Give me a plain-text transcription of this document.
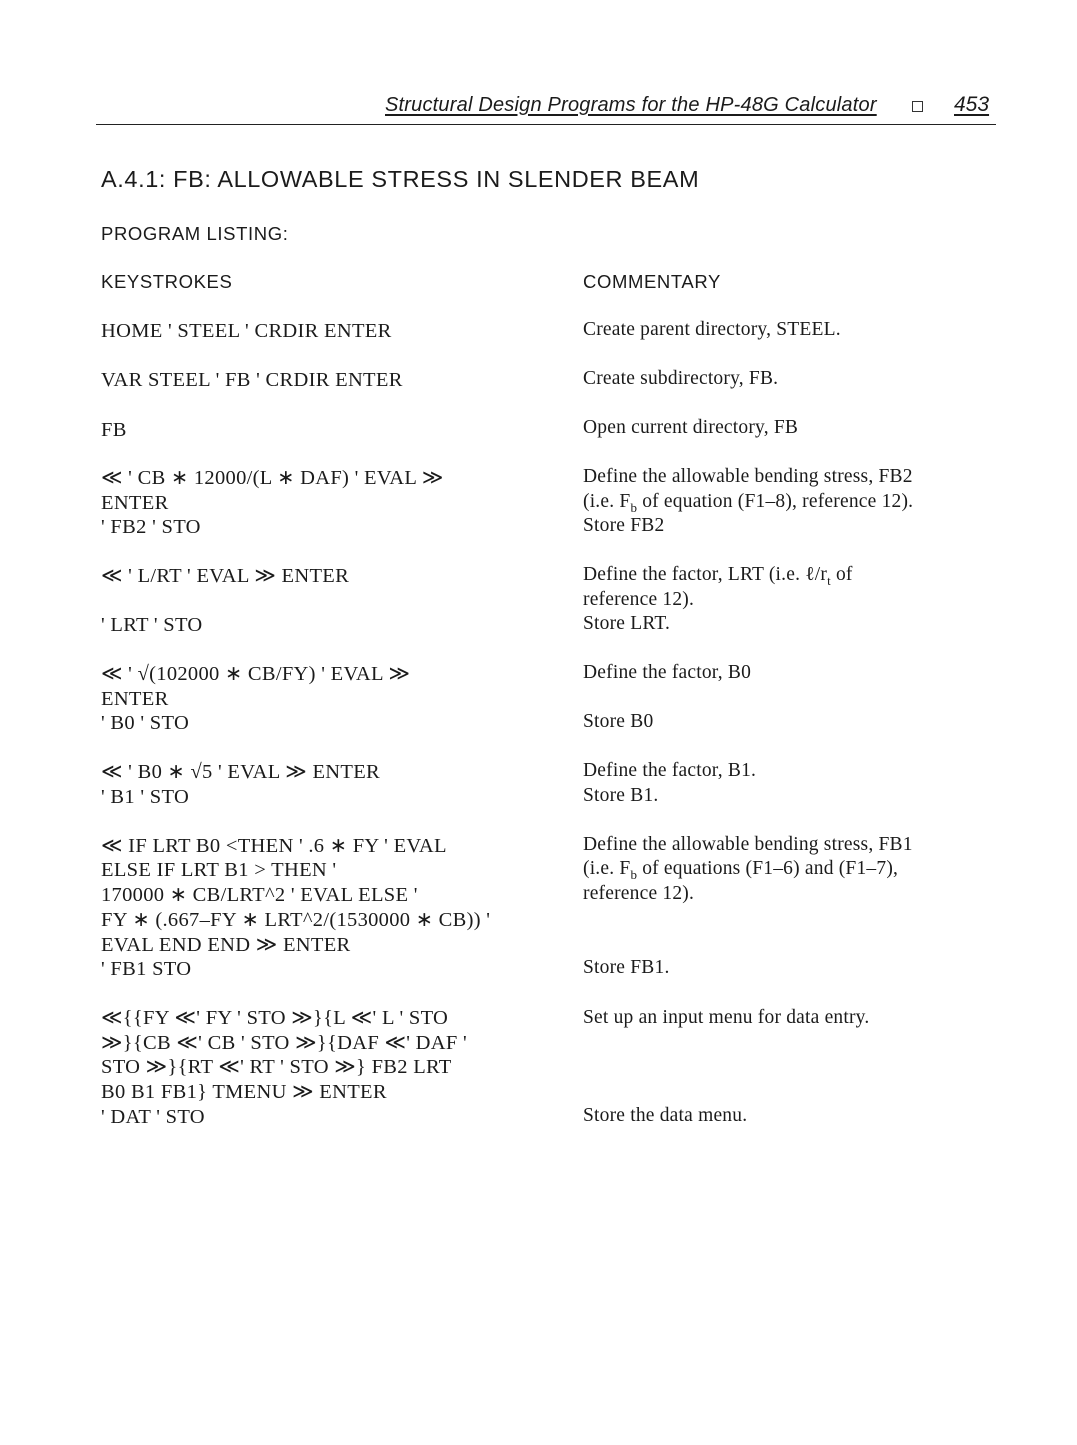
Structural Design Programs for the HP-48G Calculator	453
A.4.1: FB: ALLOWABLE STRESS IN SLENDER BEAM
PROGRAM LISTING:
KEYSTROKES	COMMENTARY
HOME ' STEEL ' CRDIR ENTER
VAR STEEL ' FB ' CRDIR ENTER
FB
≪ ' CB ∗ 12000/(L ∗ DAF) ' EVAL ≫
ENTER
' FB2 ' STO
≪ ' L/RT ' EVAL ≫ ENTER
' LRT ' STO
≪ ' √(102000 ∗ CB/FY) ' EVAL ≫
ENTER
' B0 ' STO
≪ ' B0 ∗ √5 ' EVAL ≫ ENTER
' B1 ' STO
≪ IF LRT B0 <THEN ' .6 ∗ FY ' EVAL
ELSE IF LRT B1 > THEN '
170000 ∗ CB/LRT^2 ' EVAL ELSE '
FY ∗ (.667–FY ∗ LRT^2/(1530000 ∗ CB)) '
EVAL END END ≫ ENTER
' FB1 STO
≪{{FY ≪' FY ' STO ≫}{L ≪' L ' STO
≫}{CB ≪' CB ' STO ≫}{DAF ≪' DAF '
STO ≫}{RT ≪' RT ' STO ≫} FB2 LRT
B0 B1 FB1} TMENU ≫ ENTER
' DAT ' STO
Create parent directory, STEEL.
Create subdirectory, FB.
Open current directory, FB
Define the allowable bending stress, FB2
(i.e. $F_b$ of equation (F1–8), reference 12).
Store FB2
Define the factor, LRT (i.e. $\ell/r_t$ of
reference 12).
Store LRT.
Define the factor, B0
Store B0
Define the factor, B1.
Store B1.
Define the allowable bending stress, FB1
(i.e. $F_b$ of equations (F1–6) and (F1–7),
reference 12).
Store FB1.
Set up an input menu for data entry.
Store the data menu.
